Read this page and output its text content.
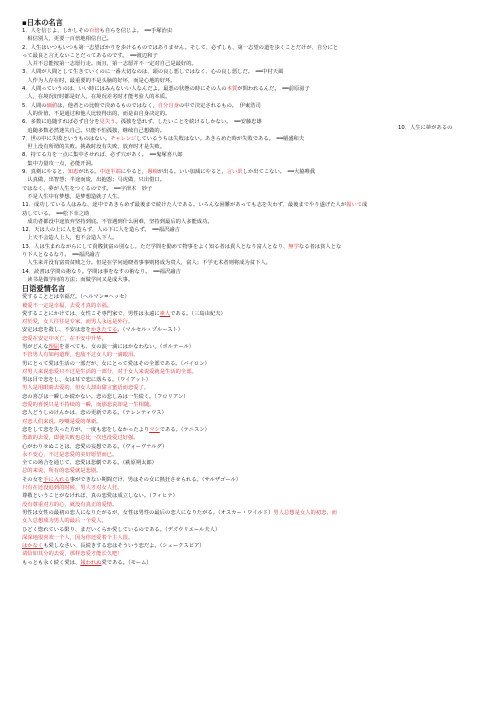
▪日本の名言

1．人を信じよ、しかしその百倍も自らを信じよ。　━━手塚治虫

　相信别人，更要一百倍地相信自己。

2．人生はいつもいつも第一志望ばかりを歩けるものではありません。そして、必ずしも、第一志望の道を歩くことだけが、自分にと

って最良と言えないことだってあるのです。　━━渡辺和子

　人并不总能按第一志愿行走。而且，第一志愿并不一定对自己是最好的。

3．人間が人間として生きていくのに一番大切なのは、頭の良し悪しではなく、心の良し悪しだ。　━━中村天風

　人作为人存在时，最重要的不是头脑的好坏，而是心地的好坏。

4．人間っていうのは、いい時にはみんないい人なんだよ。最悪の状態の時にその人の本質が問われるんだ。　━━前原滋子

　人，在境况好时都是好人，在境况差劣时才能考验人的本质。

5．人間の価値は，他者との比較で決めるものではなく，自分自身の中で決定されるもの。　伊東浩司

　人的价值，不是通过和他人比较得出的，而是由自身决定的。

6．多数に追随すれば必ず自分を見失う。孤独を恐れず、したいことを続けるしかない。　━━安藤忠雄

　追随多数必然迷失自己。只能不怕孤独，继续自己想做的。

7．世の中に失敗というものはない。チャレンジしているうちは失敗はない。あきらめた時が失敗である。　━━稲盛和夫

　世上没有所谓的失败。挑战时没有失败，放弃时才是失败。

8．持てる力を一点に集中させれば、必ず穴があく。　━━鬼塚喜八郎

　集中力量攻一点，必能开洞。

9．真剣にやると、知恵が出る。中途半端にやると，愚痴が出る。いい加減にやると，言い訳しか出てこない。　━━大脇唯眞

　认真做，出智慧；半途而废，出抱怨；马虎做，只出借口。

ではなく、夢が人生をつくるのです。　━━宇津木　妙子

　不是人生中有梦想，是梦想造就了人生。

11．成功している人はみな、途中であきらめず最後まで続けた人である。いろんな困難があっても志を失わず、最後までやり遂げた人が報いて成

功している。　━━松下幸之助

　成功者都没中途放弃坚持到底。不管遇到什么困难，坚持到最后的人多能成功。

12．天は人の上に人を造らず、人の下に人を造らず。　━━福沢諭吉

　上天不会造人上人，也不会造人下人。

13．人は生まれながらにして貴賎貧富の別なし。ただ学問を勤めて物事をよく知る者は貴人となり富人となり、無学なる者は貧人とな

り下人となるなり。　━━福沢諭吉

　人生来并没有富贵贫贱之分。但是在学问通晓者事事则将成为贵人，富人；不学无术者则将成为贫下人。

14．読書は学問の術なり。学問は事をなすの術なり。　━━福沢諭吉

　读书是做学问的方法；而做学问又是成大事。

日语爱情名言

愛することとは幸福だ。（ヘルマン=ヘッセ）

被爱不一定是幸福，去爱才真的幸福。

愛することにかけては、女性こそ専門家で、男性は永遠に素人である。（三島由紀夫）

对於爱，女人往往是专家，而男人永远是外行。

安定は恋を殺し、不安は恋をかきたてる。（マルセル・プルースト）

恋爱在安定中灭亡，在不安中升华。

男がどんな理屈を並べても、女の涙一滴にはかなわない。（ボルテール）

不管男人有如何道理，也敌不过女人的一滴眼泪。

男にとって愛は生活の一部だが、女にとって愛はその全部である。（バイロン）

对男人来说恋爱只不过是生活的一部分，对于女人来说爱就是生活的全部。

男は目で恋をし、女は耳で恋に落ちる。（ワイアット）

男人是用眼睛去爱的，但女人却由甜言蜜语而恋爱了。

恋の喜びは一瞬しか続かない。恋の悲しみは一生続く。（フロリアン）

恋爱的喜悦只是不持续的一瞬，而那悲哀却是一生相随。

恋人どうしのけんかは、恋の更新である。（テレンティウス）

对恋人们来说，吵嘴是爱的革新。

恋をして恋を失った方が、一度も恋をしなかったよりマシである。（テニスン）

勇敢的去爱，即使失败也总比一次也没爱过好强。

心がわりせぬことは、恋愛の妄想である。（ヴォーヴナルグ）

永不变心，不过是恋爱的美好愿望而已。

全ての场合を通じて、恋愛は悲劇である。（萩原朔太郎）

总的来说，所有的恋爱就是悲剧。

その女を手に入れる事ができない期間だけ、男はその女に熱狂させられる。（サルザゴール）

只有在还没追到的时候，男人才对女人狂。

尊敬ということがなければ、真の恋愛は成立しない。（フィヒテ）

没有尊重对方的心，就没有真正的爱情。

男性は女性の最初の恋人になりたがるが、女性は男性の最后の恋人になりたがる。（オスカー・ワイルド）男人总想是女人的初恋，而

女人总想成为男人的最后一个爱人。

ひどく惚れている限り、まだいくらか愛しているのである。（デズウリエール夫人）

深深地很喜欢一个人，因为你还爱着个主人很。

はかなくも愛しなさい、長続きする恋はそういう恋だよ。（シェークスピア）

请恰如其分的去爱，那样恋爱才能长久吧！

もっとも永く続く愛は、報われぬ愛である。（モーム）

10．人生に夢があるの
